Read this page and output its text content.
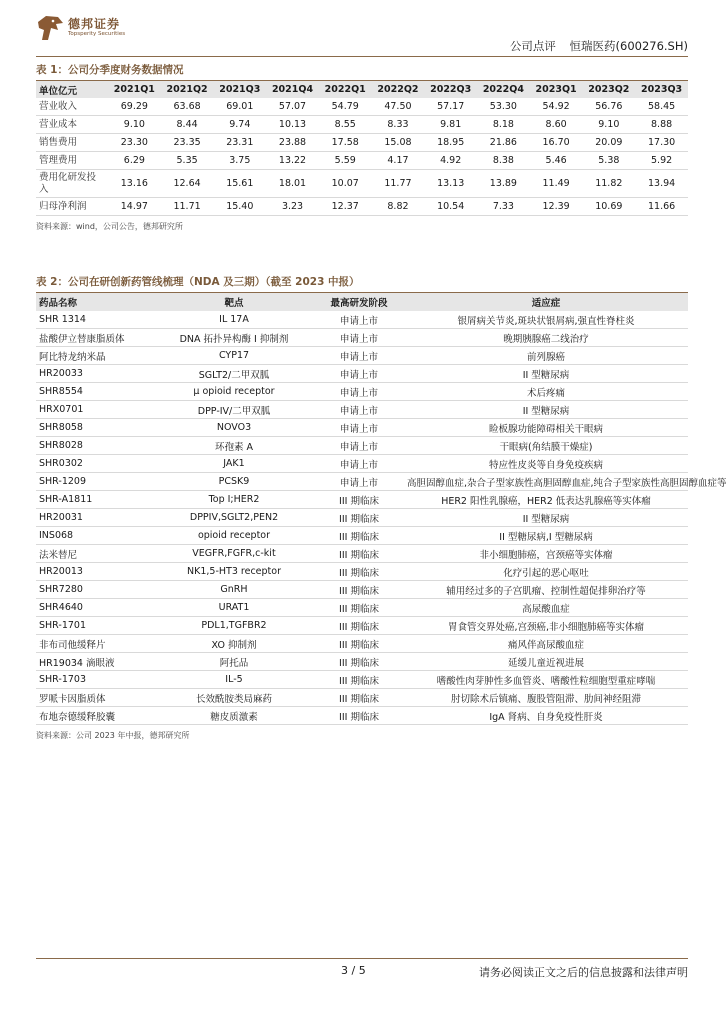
德邦证券
Topsperity Securities
公司点评 恒瑞医药(600276.SH)
表 1：公司分季度财务数据情况
单位亿元	2021Q1	2021Q2	2021Q3	2021Q4	2022Q1	2022Q2	2022Q3	2022Q4	2023Q1	2023Q2	2023Q3

营业收入	69.29	63.68	69.01	57.07	54.79	47.50	57.17	53.30	54.92	56.76	58.45

营业成本	9.10	8.44	9.74	10.13	8.55	8.33	9.81	8.18	8.60	9.10	8.88

销售费用	23.30	23.35	23.31	23.88	17.58	15.08	18.95	21.86	16.70	20.09	17.30

管理费用	6.29	5.35	3.75	13.22	5.59	4.17	4.92	8.38	5.46	5.38	5.92

费用化研发投入	13.16	12.64	15.61	18.01	10.07	11.77	13.13	13.89	11.49	11.82	13.94

归母净利润	14.97	11.71	15.40	3.23	12.37	8.82	10.54	7.33	12.39	10.69	11.66
资料来源：wind，公司公告，德邦研究所
表 2：公司在研创新药管线梳理（NDA 及三期）（截至 2023 中报）
药品名称	靶点	最高研发阶段	适应症
SHR 1314	IL 17A	申请上市	银屑病关节炎,斑块状银屑病,强直性脊柱炎
盐酸伊立替康脂质体	DNA 拓扑异构酶 I 抑制剂	申请上市	晚期胰腺癌二线治疗
阿比特龙纳米晶	CYP17	申请上市	前列腺癌
HR20033	SGLT2/二甲双胍	申请上市	II 型糖尿病
SHR8554	μ opioid receptor	申请上市	术后疼痛
HRX0701	DPP-IV/二甲双胍	申请上市	II 型糖尿病
SHR8058	NOVO3	申请上市	睑板腺功能障碍相关干眼病
SHR8028	环孢素 A	申请上市	干眼病(角结膜干燥症)
SHR0302	JAK1	申请上市	特应性皮炎等自身免疫疾病
SHR-1209	PCSK9	申请上市	高胆固醇血症,杂合子型家族性高胆固醇血症,纯合子型家族性高胆固醇血症等
SHR-A1811	Top I;HER2	III 期临床	HER2 阳性乳腺癌，HER2 低表达乳腺癌等实体瘤
HR20031	DPPIV,SGLT2,PEN2	III 期临床	II 型糖尿病
INS068	opioid receptor	III 期临床	II 型糖尿病,I 型糖尿病
法米替尼	VEGFR,FGFR,c-kit	III 期临床	非小细胞肺癌，宫颈癌等实体瘤
HR20013	NK1,5-HT3 receptor	III 期临床	化疗引起的恶心呕吐
SHR7280	GnRH	III 期临床	辅用经过多的子宫肌瘤、控制性超促排卵治疗等
SHR4640	URAT1	III 期临床	高尿酸血症
SHR-1701	PDL1,TGFBR2	III 期临床	胃食管交界处癌,宫颈癌,非小细胞肺癌等实体瘤
非布司他缓释片	XO 抑制剂	III 期临床	痛风伴高尿酸血症
HR19034 滴眼液	阿托品	III 期临床	延缓儿童近视进展
SHR-1703	IL-5	III 期临床	嗜酸性肉芽肿性多血管炎、嗜酸性粒细胞型重症哮喘
罗哌卡因脂质体	长效酰胺类局麻药	III 期临床	肘切除术后镇痛、腹股管阻滞、肋间神经阻滞
布地奈德缓释胶囊	糖皮质激素	III 期临床	IgA 肾病、自身免疫性肝炎
资料来源：公司 2023 年中报，德邦研究所
3 / 5	请务必阅读正文之后的信息披露和法律声明
